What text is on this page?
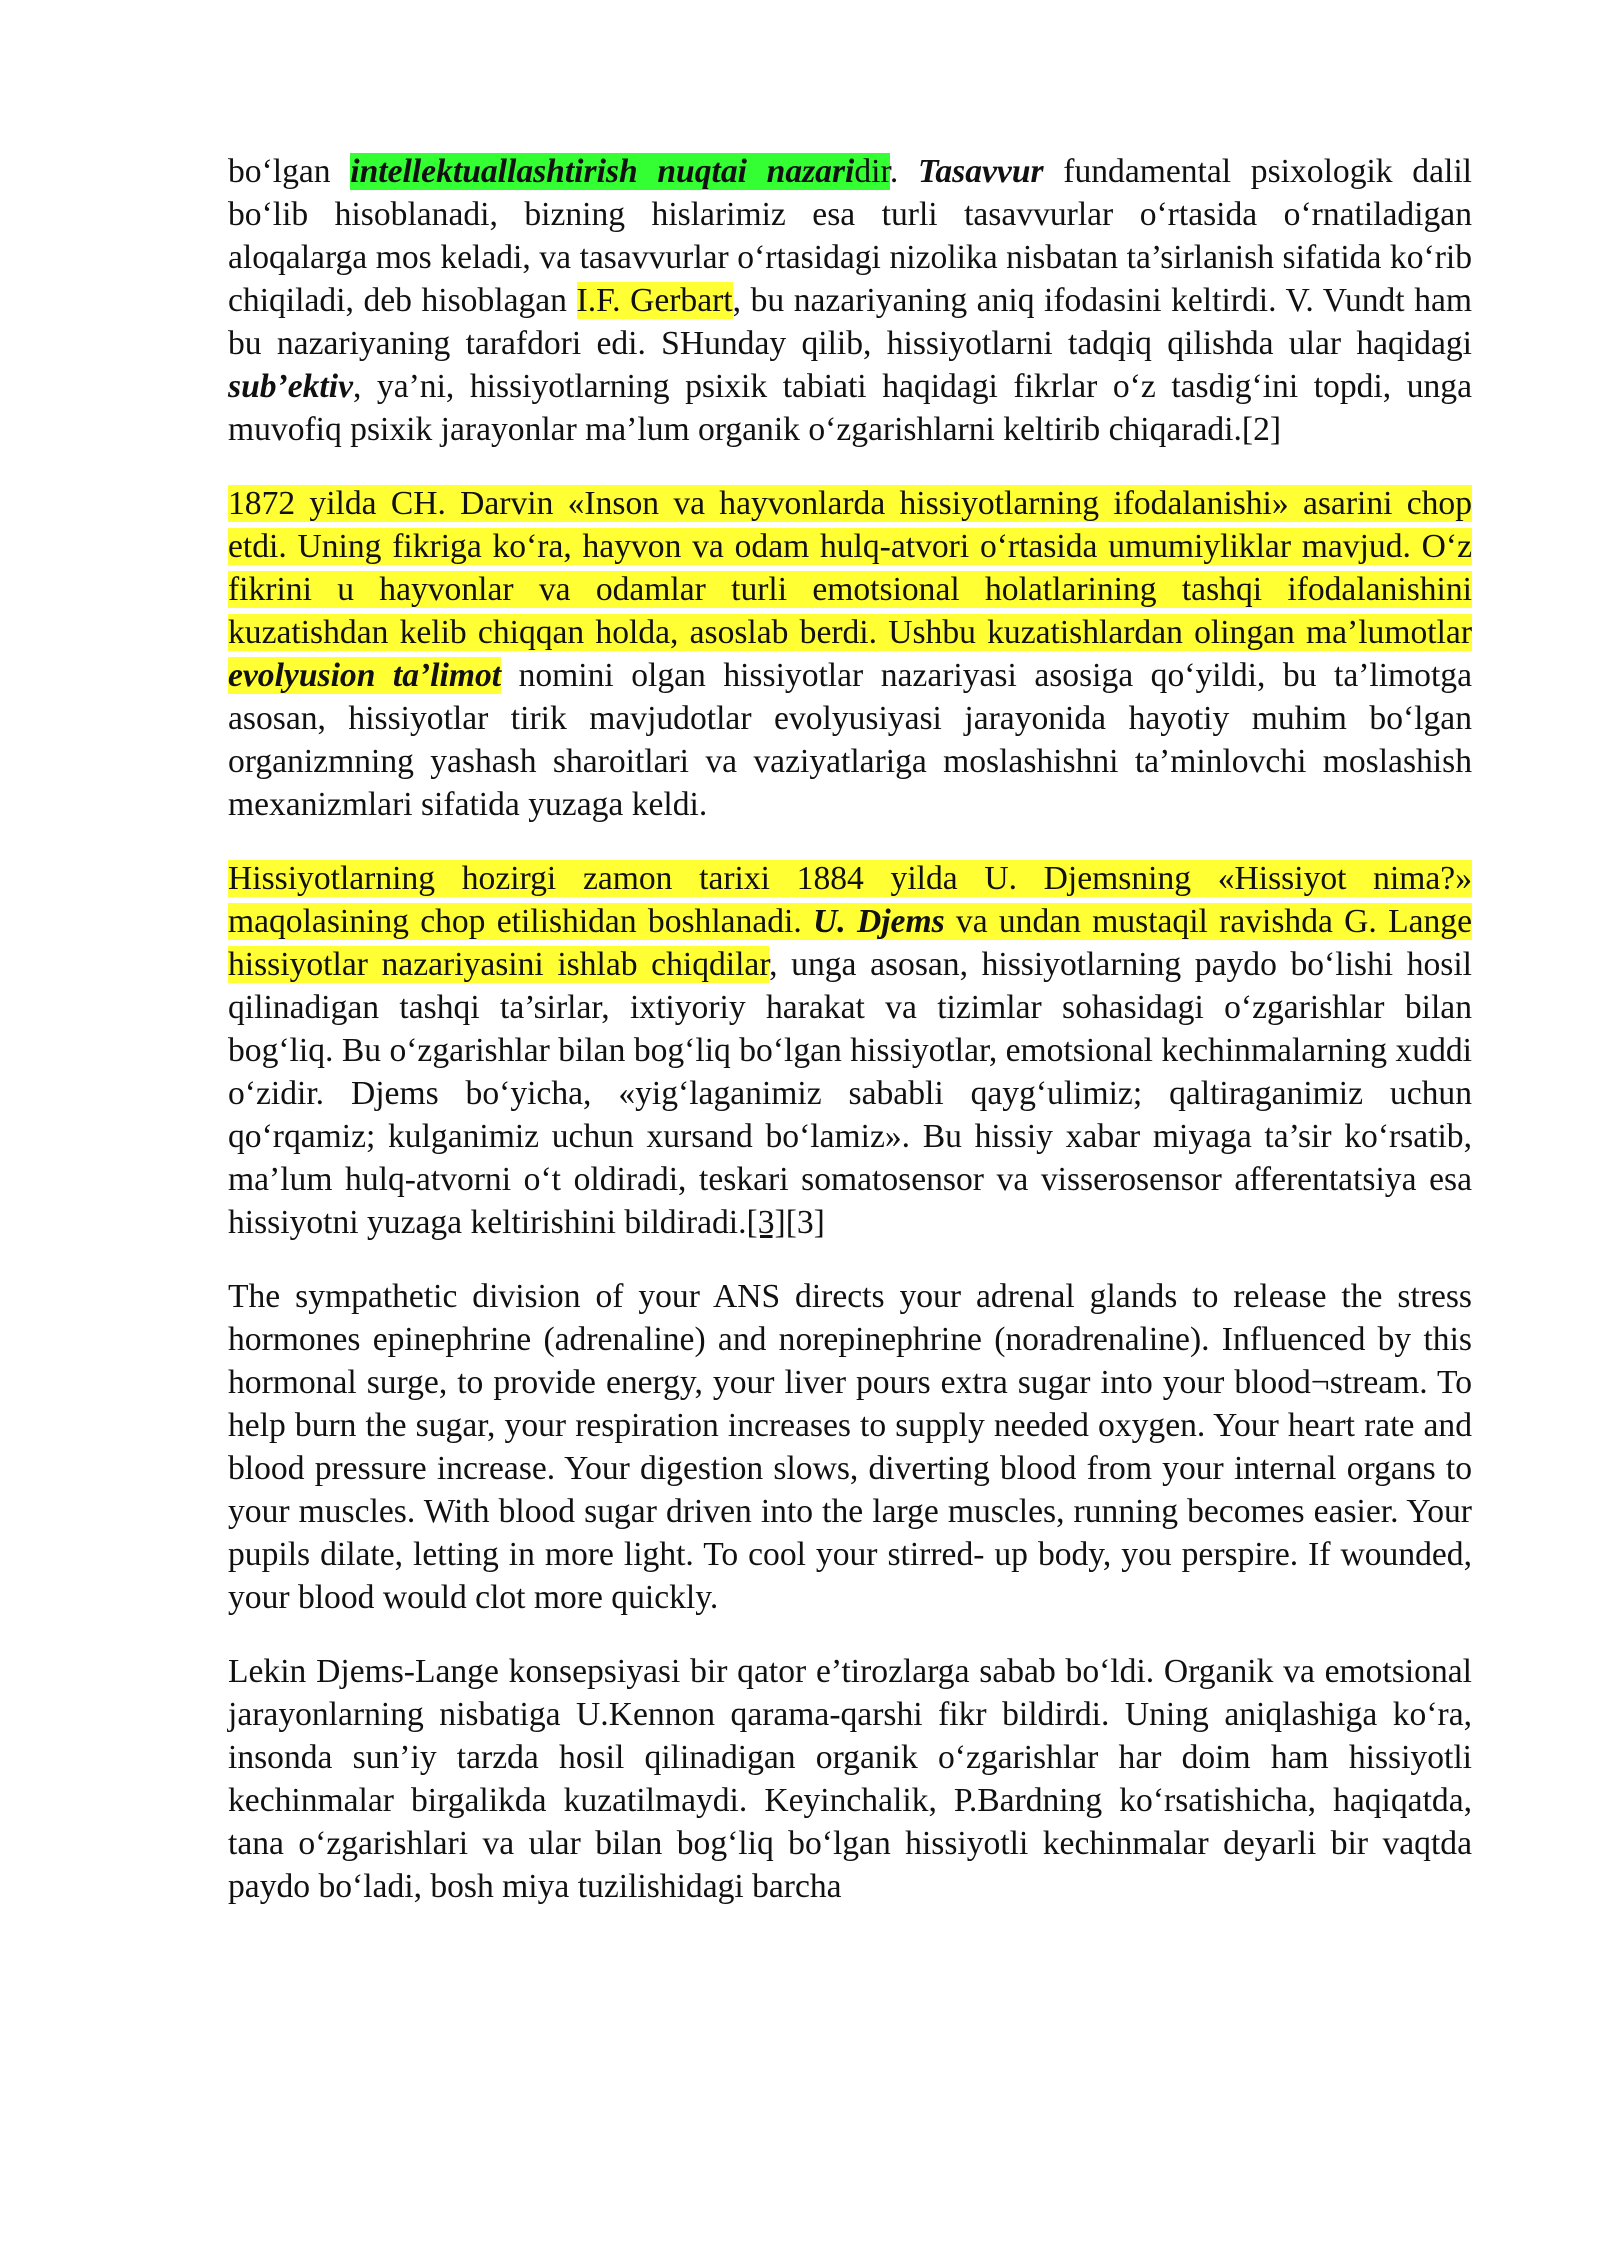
bo‘lgan intellektuallashtirish nuqtai nazaridir. Tasavvur fundamental psixologik dalil bo‘lib hisoblanadi, bizning hislarimiz esa turli tasavvurlar o‘rtasida o‘rnatiladigan aloqalarga mos keladi, va tasavvurlar o‘rtasidagi nizolika nisbatan ta’sirlanish sifatida ko‘rib chiqiladi, deb hisoblagan I.F. Gerbart, bu nazariyaning aniq ifodasini keltirdi. V. Vundt ham bu nazariyaning tarafdori edi. SHunday qilib, hissiyotlarni tadqiq qilishda ular haqidagi sub’ektiv, ya’ni, hissiyotlarning psixik tabiati haqidagi fikrlar o‘z tasdig‘ini topdi, unga muvofiq psixik jarayonlar ma’lum organik o‘zgarishlarni keltirib chiqaradi.[2]

1872 yilda CH. Darvin «Inson va hayvonlarda hissiyotlarning ifodalanishi» asarini chop etdi. Uning fikriga ko‘ra, hayvon va odam hulq-atvori o‘rtasida umumiyliklar mavjud. O‘z fikrini u hayvonlar va odamlar turli emotsional holatlarining tashqi ifodalanishini kuzatishdan kelib chiqqan holda, asoslab berdi. Ushbu kuzatishlardan olingan ma’lumotlar evolyusion ta’limot nomini olgan hissiyotlar nazariyasi asosiga qo‘yildi, bu ta’limotga asosan, hissiyotlar tirik mavjudotlar evolyusiyasi jarayonida hayotiy muhim bo‘lgan organizmning yashash sharoitlari va vaziyatlariga moslashishni ta’minlovchi moslashish mexanizmlari sifatida yuzaga keldi.

Hissiyotlarning hozirgi zamon tarixi 1884 yilda U. Djemsning «Hissiyot nima?» maqolasining chop etilishidan boshlanadi. U. Djems va undan mustaqil ravishda G. Lange hissiyotlar nazariyasini ishlab chiqdilar, unga asosan, hissiyotlarning paydo bo‘lishi hosil qilinadigan tashqi ta’sirlar, ixtiyoriy harakat va tizimlar sohasidagi o‘zgarishlar bilan bog‘liq. Bu o‘zgarishlar bilan bog‘liq bo‘lgan hissiyotlar, emotsional kechinmalarning xuddi o‘zidir. Djems bo‘yicha, «yig‘laganimiz sababli qayg‘ulimiz; qaltiraganimiz uchun qo‘rqamiz; kulganimiz uchun xursand bo‘lamiz». Bu hissiy xabar miyaga ta’sir ko‘rsatib, ma’lum hulq-atvorni o‘t oldiradi, teskari somatosensor va visserosensor afferentatsiya esa hissiyotni yuzaga keltirishini bildiradi.[3][3]

The sympathetic division of your ANS directs your adrenal glands to release the stress hormones epinephrine (adrenaline) and norepinephrine (noradrenaline). Influenced by this hormonal surge, to provide energy, your liver pours extra sugar into your blood¬stream. To help burn the sugar, your respiration increases to supply needed oxygen. Your heart rate and blood pressure increase. Your digestion slows, diverting blood from your internal organs to your muscles. With blood sugar driven into the large muscles, running becomes easier. Your pupils dilate, letting in more light. To cool your stirred- up body, you perspire. If wounded, your blood would clot more quickly.

Lekin Djems-Lange konsepsiyasi bir qator e’tirozlarga sabab bo‘ldi. Organik va emotsional jarayonlarning nisbatiga U.Kennon qarama-qarshi fikr bildirdi. Uning aniqlashiga ko‘ra, insonda sun’iy tarzda hosil qilinadigan organik o‘zgarishlar har doim ham hissiyotli kechinmalar birgalikda kuzatilmaydi. Keyinchalik, P.Bardning ko‘rsatishicha, haqiqatda, tana o‘zgarishlari va ular bilan bog‘liq bo‘lgan hissiyotli kechinmalar deyarli bir vaqtda paydo bo‘ladi, bosh miya tuzilishidagi barcha
